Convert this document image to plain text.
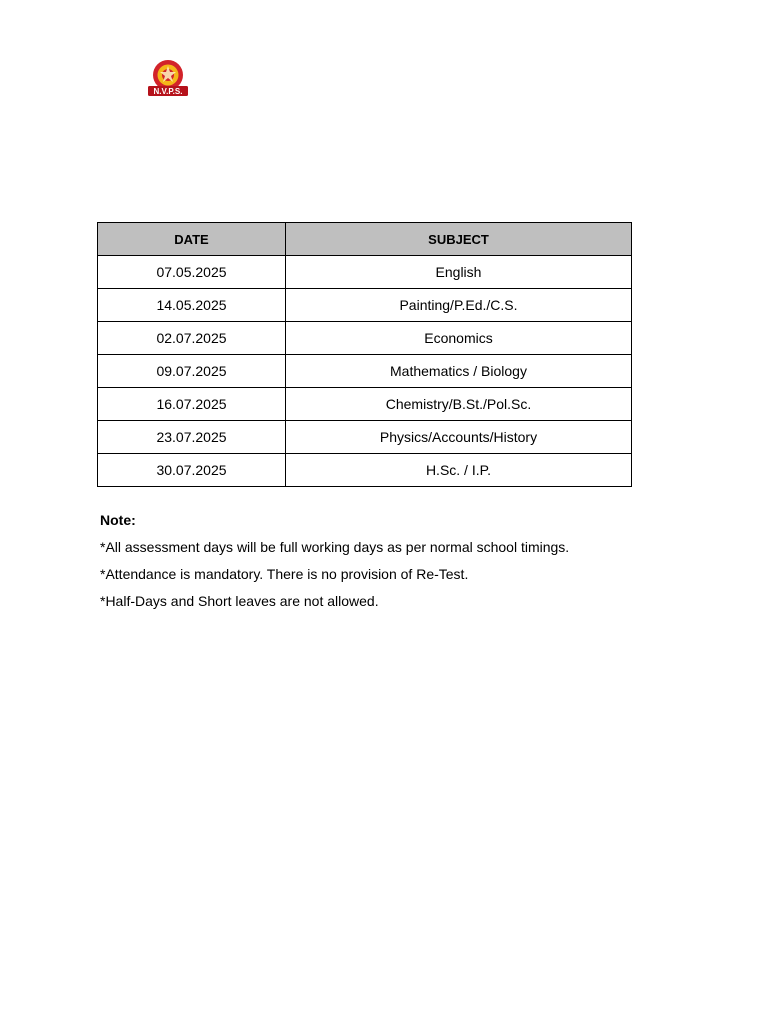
N.V.P.S.
DATE	SUBJECT
07.05.2025	English
14.05.2025	Painting/P.Ed./C.S.
02.07.2025	Economics
09.07.2025	Mathematics / Biology
16.07.2025	Chemistry/B.St./Pol.Sc.
23.07.2025	Physics/Accounts/History
30.07.2025	H.Sc. / I.P.
Note:
*All assessment days will be full working days as per normal school timings.
*Attendance is mandatory. There is no provision of Re-Test.
*Half-Days and Short leaves are not allowed.
